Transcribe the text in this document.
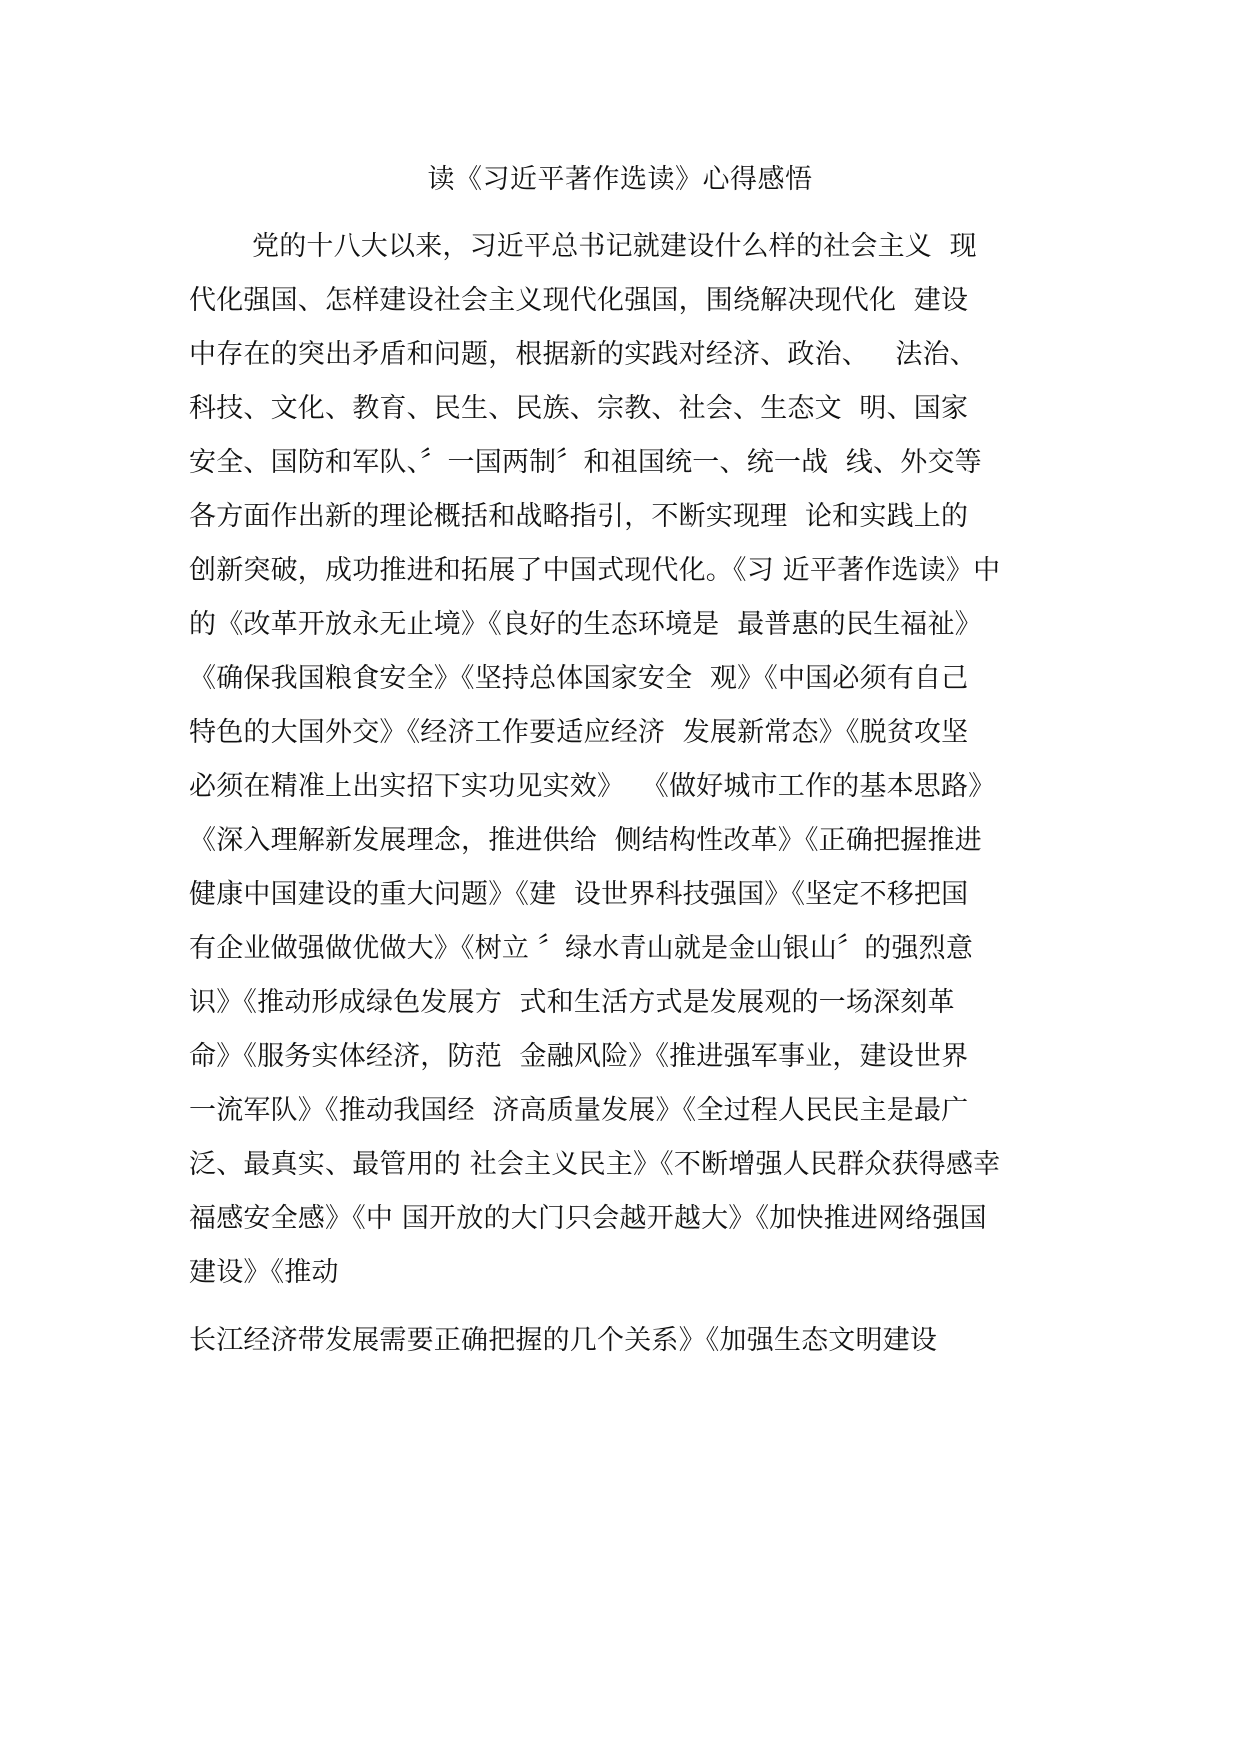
读《习近平著作选读》心得感悟
党的十八大以来，习近平总书记就建设什么样的社会主义  现
代化强国、怎样建设社会主义现代化强国，围绕解决现代化  建设
中存在的突出矛盾和问题，根据新的实践对经济、政治、   法治、
科技、文化、教育、民生、民族、宗教、社会、生态文  明、国家
安全、国防和军队、〞一国两制〞和祖国统一、统一战  线、外交等
各方面作出新的理论概括和战略指引，不断实现理  论和实践上的
创新突破，成功推进和拓展了中国式现代化。《习 近平著作选读》中
的《改革开放永无止境》《良好的生态环境是  最普惠的民生福祉》
《确保我国粮食安全》《坚持总体国家安全  观》《中国必须有自己
特色的大国外交》《经济工作要适应经济  发展新常态》《脱贫攻坚
必须在精准上出实招下实功见实效》  《做好城市工作的基本思路》
《深入理解新发展理念，推进供给  侧结构性改革》《正确把握推进
健康中国建设的重大问题》《建  设世界科技强国》《坚定不移把国
有企业做强做优做大》《树立 〞绿水青山就是金山银山〞的强烈意
识》《推动形成绿色发展方  式和生活方式是发展观的一场深刻革
命》《服务实体经济，防范  金融风险》《推进强军事业，建设世界
一流军队》《推动我国经  济高质量发展》《全过程人民民主是最广
泛、最真实、最管用的 社会主义民主》《不断增强人民群众获得感幸
福感安全感》《中 国开放的大门只会越开越大》《加快推进网络强国
建设》《推动
长江经济带发展需要正确把握的几个关系》《加强生态文明建设
